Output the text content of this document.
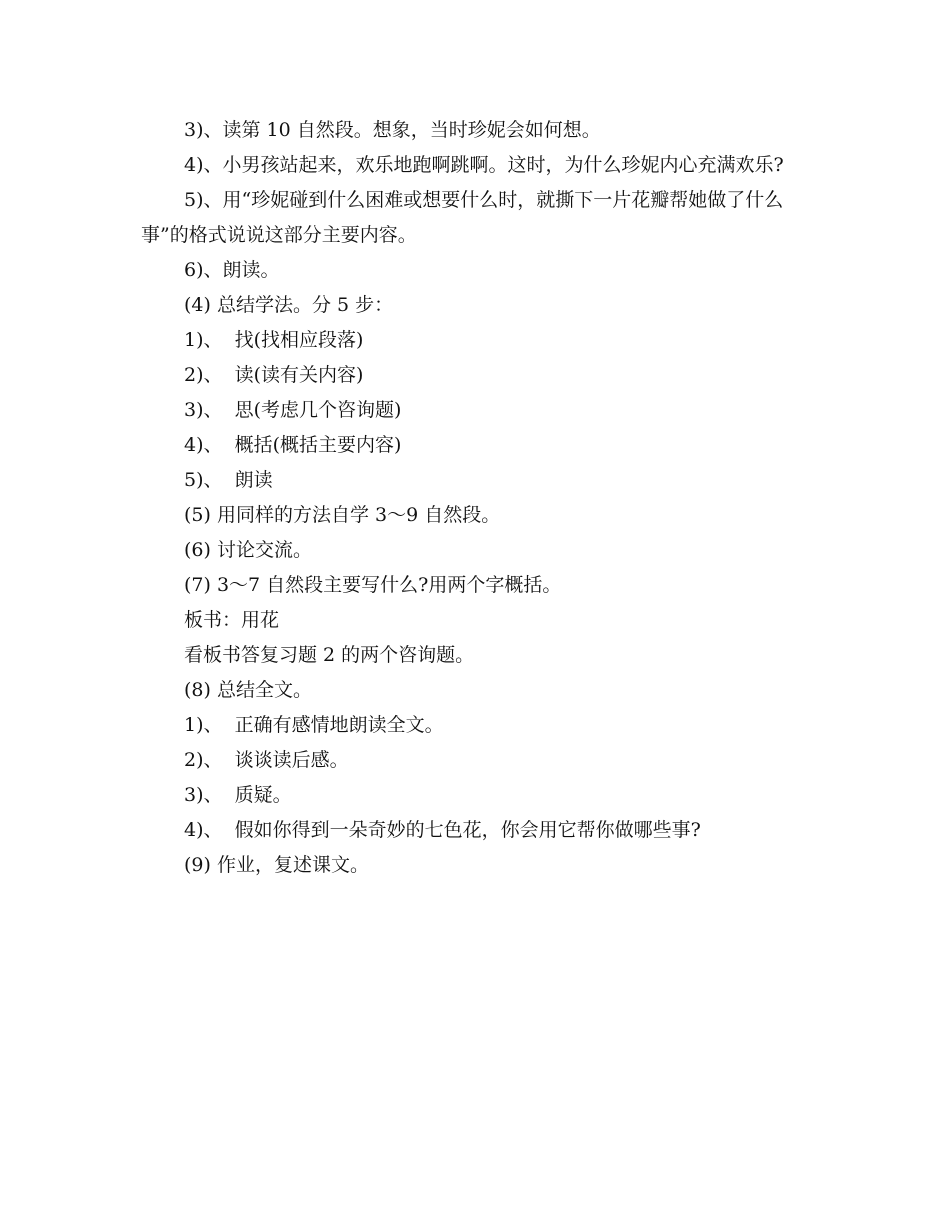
3)、读第 10 自然段。想象，当时珍妮会如何想。

4)、小男孩站起来，欢乐地跑啊跳啊。这时，为什么珍妮内心充满欢乐?

5)、用“珍妮碰到什么困难或想要什么时，就撕下一片花瓣帮她做了什么事”的格式说说这部分主要内容。

6)、朗读。

(4) 总结学法。分 5 步：

1)、  找(找相应段落)

2)、  读(读有关内容)

3)、  思(考虑几个咨询题)

4)、  概括(概括主要内容)

5)、  朗读

(5) 用同样的方法自学 3～9 自然段。

(6) 讨论交流。

(7) 3～7 自然段主要写什么?用两个字概括。

板书：用花

看板书答复习题 2 的两个咨询题。

(8) 总结全文。

1)、  正确有感情地朗读全文。

2)、  谈谈读后感。

3)、  质疑。

4)、  假如你得到一朵奇妙的七色花，你会用它帮你做哪些事?

(9) 作业，复述课文。
